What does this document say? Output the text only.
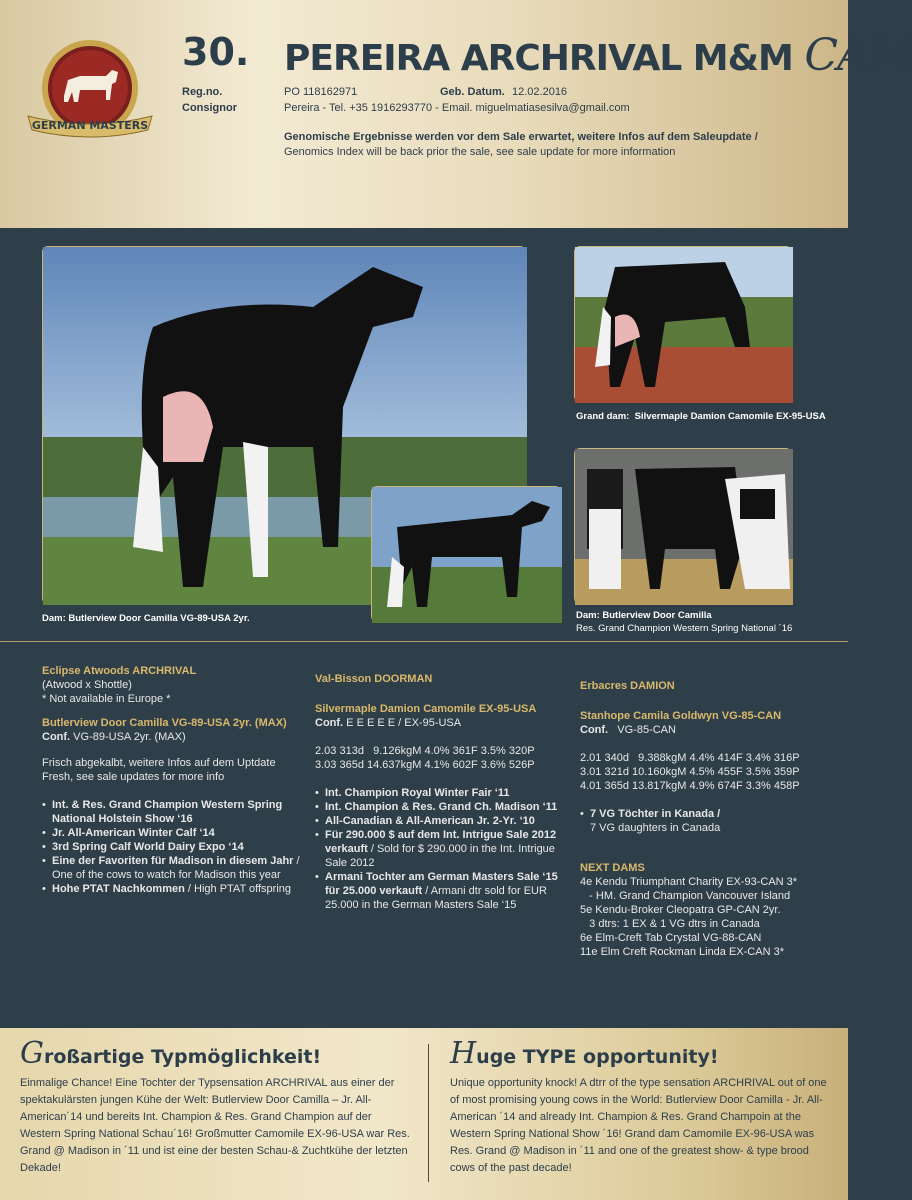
GERMAN MASTERS
30. PEREIRA ARCHRIVAL M&M CAM
Reg.no.	PO 118162971	Geb. Datum. 12.02.2016
Consignor	Pereira - Tel. +35 1916293770 - Email. miguelmatiasesilva@gmail.com
Genomische Ergebnisse werden vor dem Sale erwartet, weitere Infos auf dem Saleupdate /
Genomics Index will be back prior the sale, see sale update for more information
Grand dam: Silvermaple Damion Camomile EX-95-USA
Dam: Butlerview Door Camilla VG-89-USA 2yr.	Dam: Butlerview Door Camilla
Res. Grand Champion Western Spring National ´16
Eclipse Atwoods ARCHRIVAL
(Atwood x Shottle)
* Not available in Europe *
Butlerview Door Camilla VG-89-USA 2yr. (MAX)
Conf. VG-89-USA 2yr. (MAX)
Frisch abgekalbt, weitere Infos auf dem Uptdate
Fresh, see sale updates for more info
• Int. & Res. Grand Champion Western Spring National Holstein Show ‘16
• Jr. All-American Winter Calf ‘14
• 3rd Spring Calf World Dairy Expo ‘14
• Eine der Favoriten für Madison in diesem Jahr / One of the cows to watch for Madison this year
• Hohe PTAT Nachkommen / High PTAT offspring
Val-Bisson DOORMAN
Silvermaple Damion Camomile EX-95-USA
Conf. E E E E E / EX-95-USA
2.03 313d   9.126kgM 4.0% 361F 3.5% 320P
3.03 365d 14.637kgM 4.1% 602F 3.6% 526P
• Int. Champion Royal Winter Fair ‘11
• Int. Champion & Res. Grand Ch. Madison ‘11
• All-Canadian & All-American Jr. 2-Yr. ‘10
• Für 290.000 $ auf dem Int. Intrigue Sale 2012 verkauft / Sold for $ 290.000 in the Int. Intrigue Sale 2012
• Armani Tochter am German Masters Sale ‘15 für 25.000 verkauft / Armani dtr sold for EUR 25.000 in the German Masters Sale ‘15
Erbacres DAMION
Stanhope Camila Goldwyn VG-85-CAN
Conf. VG-85-CAN
2.01 340d   9.388kgM 4.4% 414F 3.4% 316P
3.01 321d 10.160kgM 4.5% 455F 3.5% 359P
4.01 365d 13.817kgM 4.9% 674F 3.3% 458P
• 7 VG Töchter in Kanada /
7 VG daughters in Canada
NEXT DAMS
4e Kendu Triumphant Charity EX-93-CAN 3*
- HM. Grand Champion Vancouver Island
5e Kendu-Broker Cleopatra GP-CAN 2yr.
3 dtrs: 1 EX & 1 VG dtrs in Canada
6e Elm-Creft Tab Crystal VG-88-CAN
11e Elm Creft Rockman Linda EX-CAN 3*
Großartige Typmöglichkeit!
Einmalige Chance! Eine Tochter der Typsensation ARCHRIVAL aus einer der spektakulärsten jungen Kühe der Welt: Butlerview Door Camilla – Jr. All-American´14 und bereits Int. Champion & Res. Grand Champion auf der Western Spring National Schau´16! Großmutter Camomile EX-96-USA war Res. Grand @ Madison in ´11 und ist eine der besten Schau-& Zuchtkühe der letzten Dekade!
Huge TYPE opportunity!
Unique opportunity knock! A dtrr of the type sensation ARCHRIVAL out of one of most promising young cows in the World: Butlerview Door Camilla - Jr. All-American ´14 and already Int. Champion & Res. Grand Champoin at the Western Spring National Show ´16! Grand dam Camomile EX-96-USA was Res. Grand @ Madison in ´11 and one of the greatest show- & type brood cows of the past decade!
